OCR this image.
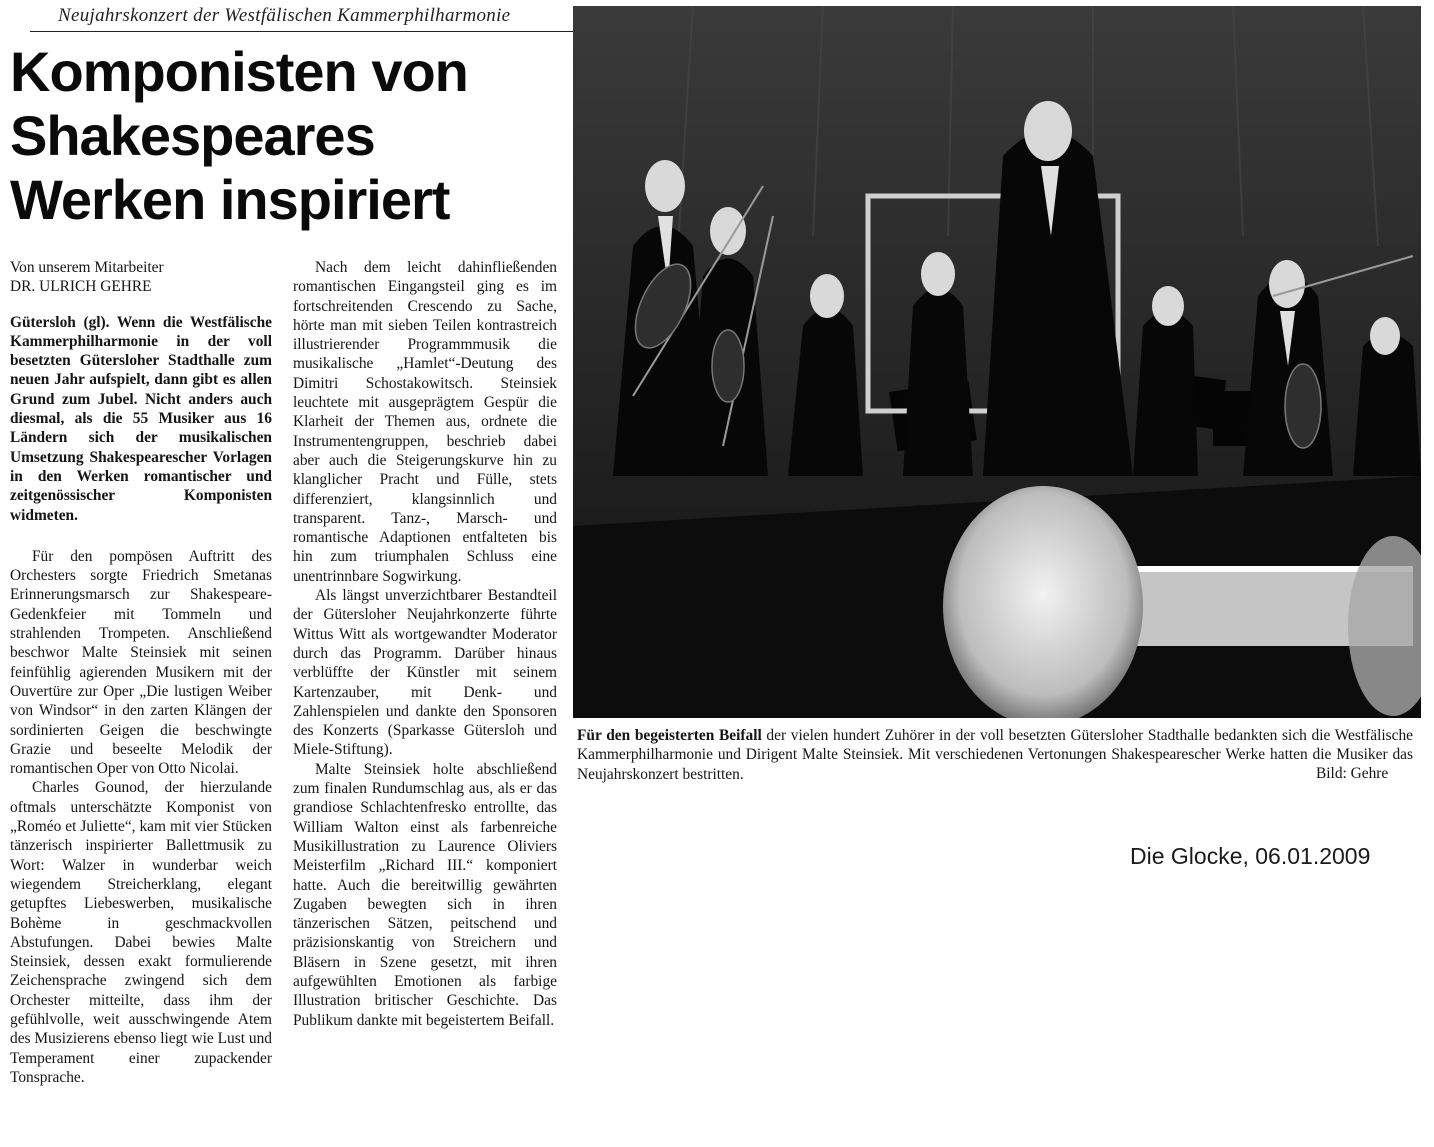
Neujahrskonzert der Westfälischen Kammerphilharmonie
Komponisten von
Shakespeares
Werken inspiriert
Von unserem Mitarbeiter
DR. ULRICH GEHRE

Gütersloh (gl). Wenn die Westfälische Kammerphilharmonie in der voll besetzten Gütersloher Stadthalle zum neuen Jahr aufspielt, dann gibt es allen Grund zum Jubel. Nicht anders auch diesmal, als die 55 Musiker aus 16 Ländern sich der musikalischen Umsetzung Shakespearescher Vorlagen in den Werken romantischer und zeitgenössischer Komponisten widmeten.

Für den pompösen Auftritt des Orchesters sorgte Friedrich Smetanas Erinnerungsmarsch zur Shakespeare-Gedenkfeier mit Tommeln und strahlenden Trompeten. Anschließend beschwor Malte Steinsiek mit seinen feinfühlig agierenden Musikern mit der Ouvertüre zur Oper „Die lustigen Weiber von Windsor“ in den zarten Klängen der sordinierten Geigen die beschwingte Grazie und beseelte Melodik der romantischen Oper von Otto Nicolai.

Charles Gounod, der hierzulande oftmals unterschätzte Komponist von „Roméo et Juliette“, kam mit vier Stücken tänzerisch inspirierter Ballettmusik zu Wort: Walzer in wunderbar weich wiegendem Streicherklang, elegant getupftes Liebeswerben, musikalische Bohème in geschmackvollen Abstufungen. Dabei bewies Malte Steinsiek, dessen exakt formulierende Zeichensprache zwingend sich dem Orchester mitteilte, dass ihm der gefühlvolle, weit ausschwingende Atem des Musizierens ebenso liegt wie Lust und Temperament einer zupackender Tonsprache.

Nach dem leicht dahinfließenden romantischen Eingangsteil ging es im fortschreitenden Crescendo zu Sache, hörte man mit sieben Teilen kontrastreich illustrierender Programmmusik die musikalische „Hamlet“-Deutung des Dimitri Schostakowitsch. Steinsiek leuchtete mit ausgeprägtem Gespür die Klarheit der Themen aus, ordnete die Instrumentengruppen, beschrieb dabei aber auch die Steigerungskurve hin zu klanglicher Pracht und Fülle, stets differenziert, klangsinnlich und transparent. Tanz-, Marsch- und romantische Adaptionen entfalteten bis hin zum triumphalen Schluss eine unentrinnbare Sogwirkung.

Als längst unverzichtbarer Bestandteil der Gütersloher Neujahrkonzerte führte Wittus Witt als wortgewandter Moderator durch das Programm. Darüber hinaus verblüffte der Künstler mit seinem Kartenzauber, mit Denk- und Zahlenspielen und dankte den Sponsoren des Konzerts (Sparkasse Gütersloh und Miele-Stiftung).

Malte Steinsiek holte abschließend zum finalen Rundumschlag aus, als er das grandiose Schlachtenfresko entrollte, das William Walton einst als farbenreiche Musikillustration zu Laurence Oliviers Meisterfilm „Richard III.“ komponiert hatte. Auch die bereitwillig gewährten Zugaben bewegten sich in ihren tänzerischen Sätzen, peitschend und präzisionskantig von Streichern und Bläsern in Szene gesetzt, mit ihren aufgewühlten Emotionen als farbige Illustration britischer Geschichte. Das Publikum dankte mit begeistertem Beifall.

Für den begeisterten Beifall der vielen hundert Zuhörer in der voll besetzten Gütersloher Stadthalle bedankten sich die Westfälische Kammerphilharmonie und Dirigent Malte Steinsiek. Mit verschiedenen Vertonungen Shakespearescher Werke hatten die Musiker das Neujahrskonzert bestritten.	Bild: Gehre
Die Glocke, 06.01.2009
